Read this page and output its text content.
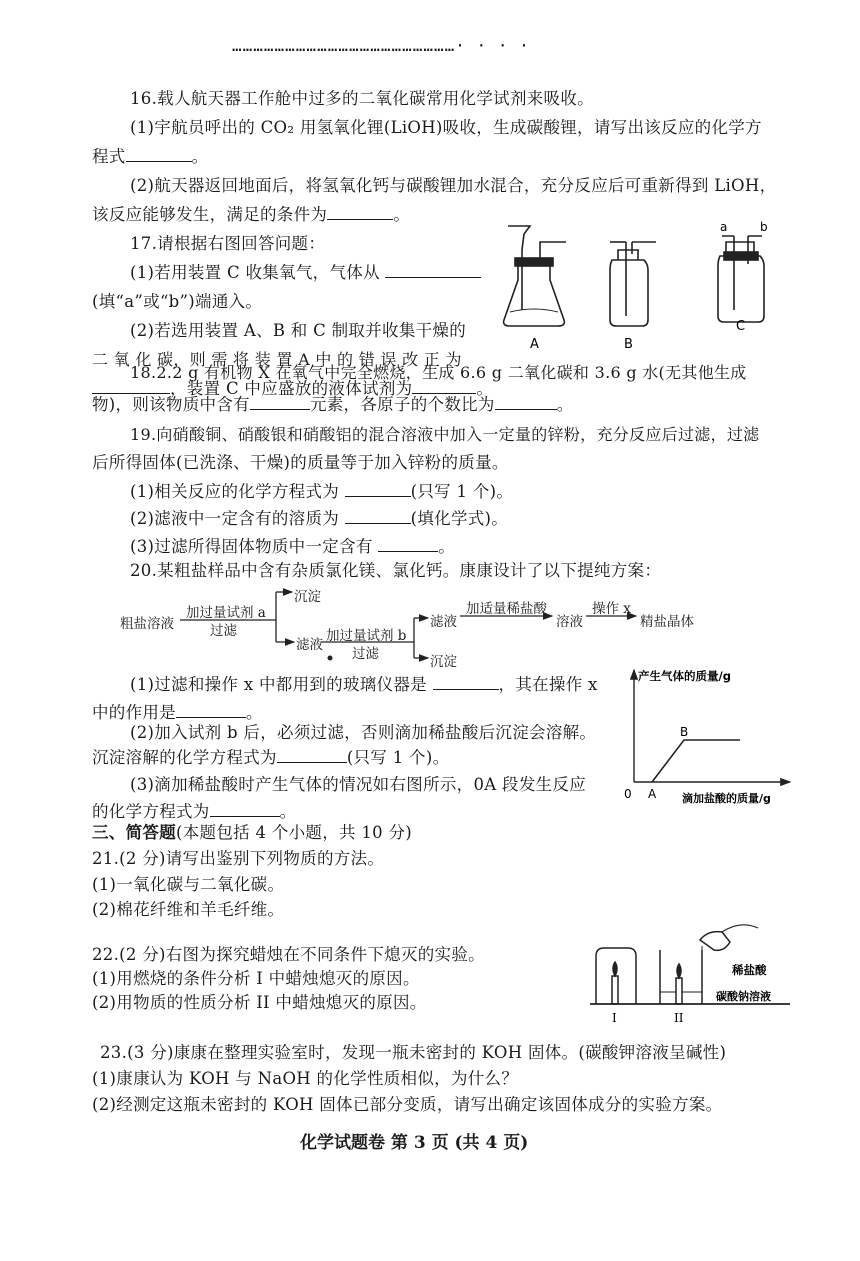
………………………………………………………· · · ·
16.载人航天器工作舱中过多的二氧化碳常用化学试剂来吸收。
(1)宇航员呼出的 CO₂ 用氢氧化锂(LiOH)吸收，生成碳酸锂，请写出该反应的化学方
程式	。
(2)航天器返回地面后，将氢氧化钙与碳酸锂加水混合，充分反应后可重新得到 LiOH，
该反应能够发生，满足的条件为	。
17.请根据右图回答问题：
(1)若用装置 C 收集氧气，气体从
(填“a”或“b”)端通入。
(2)若选用装置 A、B 和 C 制取并收集干燥的
二 氧 化 碳，则 需 将 装 置 A 中 的 错 误 改 正 为
，装置 C 中应盛放的液体试剂为	。
A	B
a	b
C
18.2.2 g 有机物 X 在氧气中完全燃烧，生成 6.6 g 二氧化碳和 3.6 g 水(无其他生成
物)，则该物质中含有	元素，各原子的个数比为	。
19.向硝酸铜、硝酸银和硝酸铝的混合溶液中加入一定量的锌粉，充分反应后过滤，过滤
后所得固体(已洗涤、干燥)的质量等于加入锌粉的质量。
(1)相关反应的化学方程式为	(只写 1 个)。
(2)滤液中一定含有的溶质为	(填化学式)。
(3)过滤所得固体物质中一定含有	。
20.某粗盐样品中含有杂质氯化镁、氯化钙。康康设计了以下提纯方案：
粗盐溶液
加过量试剂 a
过滤
沉淀
滤液
加过量试剂 b
过滤
滤液
沉淀
加适量稀盐酸
溶液
操作 x
精盐晶体
(1)过滤和操作 x 中都用到的玻璃仪器是	，其在操作 x
中的作用是	。
(2)加入试剂 b 后，必须过滤，否则滴加稀盐酸后沉淀会溶解。
沉淀溶解的化学方程式为	(只写 1 个)。
(3)滴加稀盐酸时产生气体的情况如右图所示，0A 段发生反应
的化学方程式为	。
产生气体的质量/g
0 A
B
滴加盐酸的质量/g
三、简答题(本题包括 4 个小题，共 10 分)
21.(2 分)请写出鉴别下列物质的方法。
(1)一氧化碳与二氧化碳。
(2)棉花纤维和羊毛纤维。
22.(2 分)右图为探究蜡烛在不同条件下熄灭的实验。
(1)用燃烧的条件分析 I 中蜡烛熄灭的原因。
(2)用物质的性质分析 II 中蜡烛熄灭的原因。
稀盐酸
碳酸钠溶液
I	II
23.(3 分)康康在整理实验室时，发现一瓶未密封的 KOH 固体。(碳酸钾溶液呈碱性)
(1)康康认为 KOH 与 NaOH 的化学性质相似，为什么？
(2)经测定这瓶未密封的 KOH 固体已部分变质，请写出确定该固体成分的实验方案。
化学试题卷 第 3 页 (共 4 页)
